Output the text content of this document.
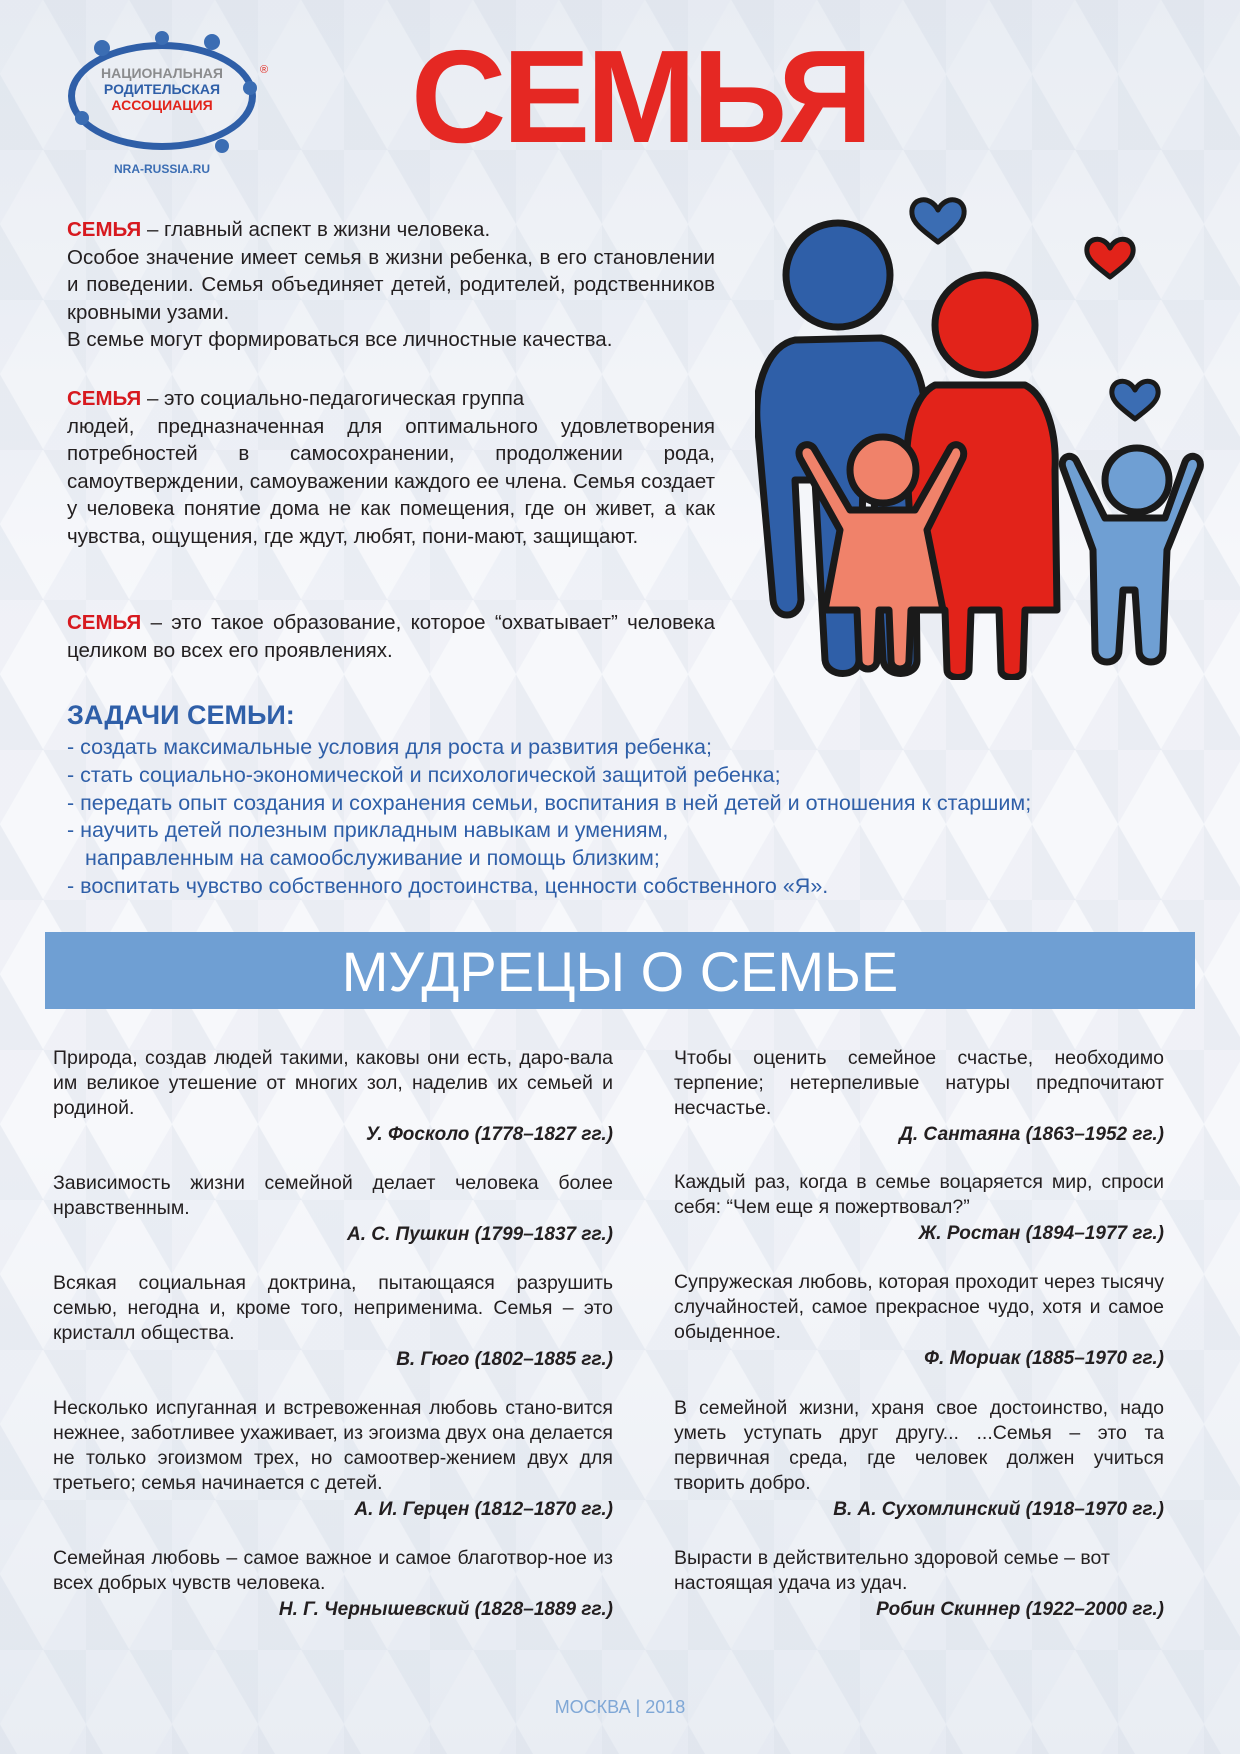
НАЦИОНАЛЬНАЯ
РОДИТЕЛЬСКАЯ
АССОЦИАЦИЯ
®
NRA-RUSSIA.RU	СЕМЬЯ

СЕМЬЯ – главный аспект в жизни человека.

Особое значение имеет семья в жизни ребенка, в его становлении и поведении. Семья объединяет детей, родителей, родственников кровными узами.

В семье могут формироваться все личностные качества.

СЕМЬЯ – это социально-педагогическая группа

людей, предназначенная для оптимального удовлетворения потребностей в самосохранении, продолжении рода, самоутверждении, самоуважении каждого ее члена. Семья создает у человека понятие дома не как помещения, где он живет, а как чувства, ощущения, где ждут, любят, пони-мают, защищают.

СЕМЬЯ – это такое образование, которое “охватывает” человека целиком во всех его проявлениях.

ЗАДАЧИ СЕМЬИ:
- создать максимальные условия для роста и развития ребенка;
- стать социально-экономической и психологической защитой ребенка;
- передать опыт создания и сохранения семьи, воспитания в ней детей и отношения к старшим;
- научить детей полезным прикладным навыкам и умениям, направленным на самообслуживание и помощь близким;
- воспитать чувство собственного достоинства, ценности собственного «Я».
МУДРЕЦЫ О СЕМЬЕ

Природа, создав людей такими, каковы они есть, даро-вала им великое утешение от многих зол, наделив их семьей и родиной.

У. Фосколо (1778–1827 гг.)

Зависимость жизни семейной делает человека более нравственным.

А. С. Пушкин (1799–1837 гг.)

Всякая социальная доктрина, пытающаяся разрушить семью, негодна и, кроме того, неприменима. Семья – это кристалл общества.

В. Гюго (1802–1885 гг.)

Несколько испуганная и встревоженная любовь стано-вится нежнее, заботливее ухаживает, из эгоизма двух она делается не только эгоизмом трех, но самоотвер-жением двух для третьего; семья начинается с детей.

А. И. Герцен (1812–1870 гг.)

Семейная любовь – самое важное и самое благотвор-ное из всех добрых чувств человека.

Н. Г. Чернышевский (1828–1889 гг.)

Чтобы оценить семейное счастье, необходимо терпение; нетерпеливые натуры предпочитают несчастье.

Д. Сантаяна (1863–1952 гг.)

Каждый раз, когда в семье воцаряется мир, спроси себя: “Чем еще я пожертвовал?”

Ж. Ростан (1894–1977 гг.)

Супружеская любовь, которая проходит через тысячу случайностей, самое прекрасное чудо, хотя и самое обыденное.

Ф. Мориак (1885–1970 гг.)

В семейной жизни, храня свое достоинство, надо уметь уступать друг другу... ...Семья – это та первичная среда, где человек должен учиться творить добро.

В. А. Сухомлинский (1918–1970 гг.)

Вырасти в действительно здоровой семье – вот настоящая удача из удач.

Робин Скиннер (1922–2000 гг.)

МОСКВА | 2018
